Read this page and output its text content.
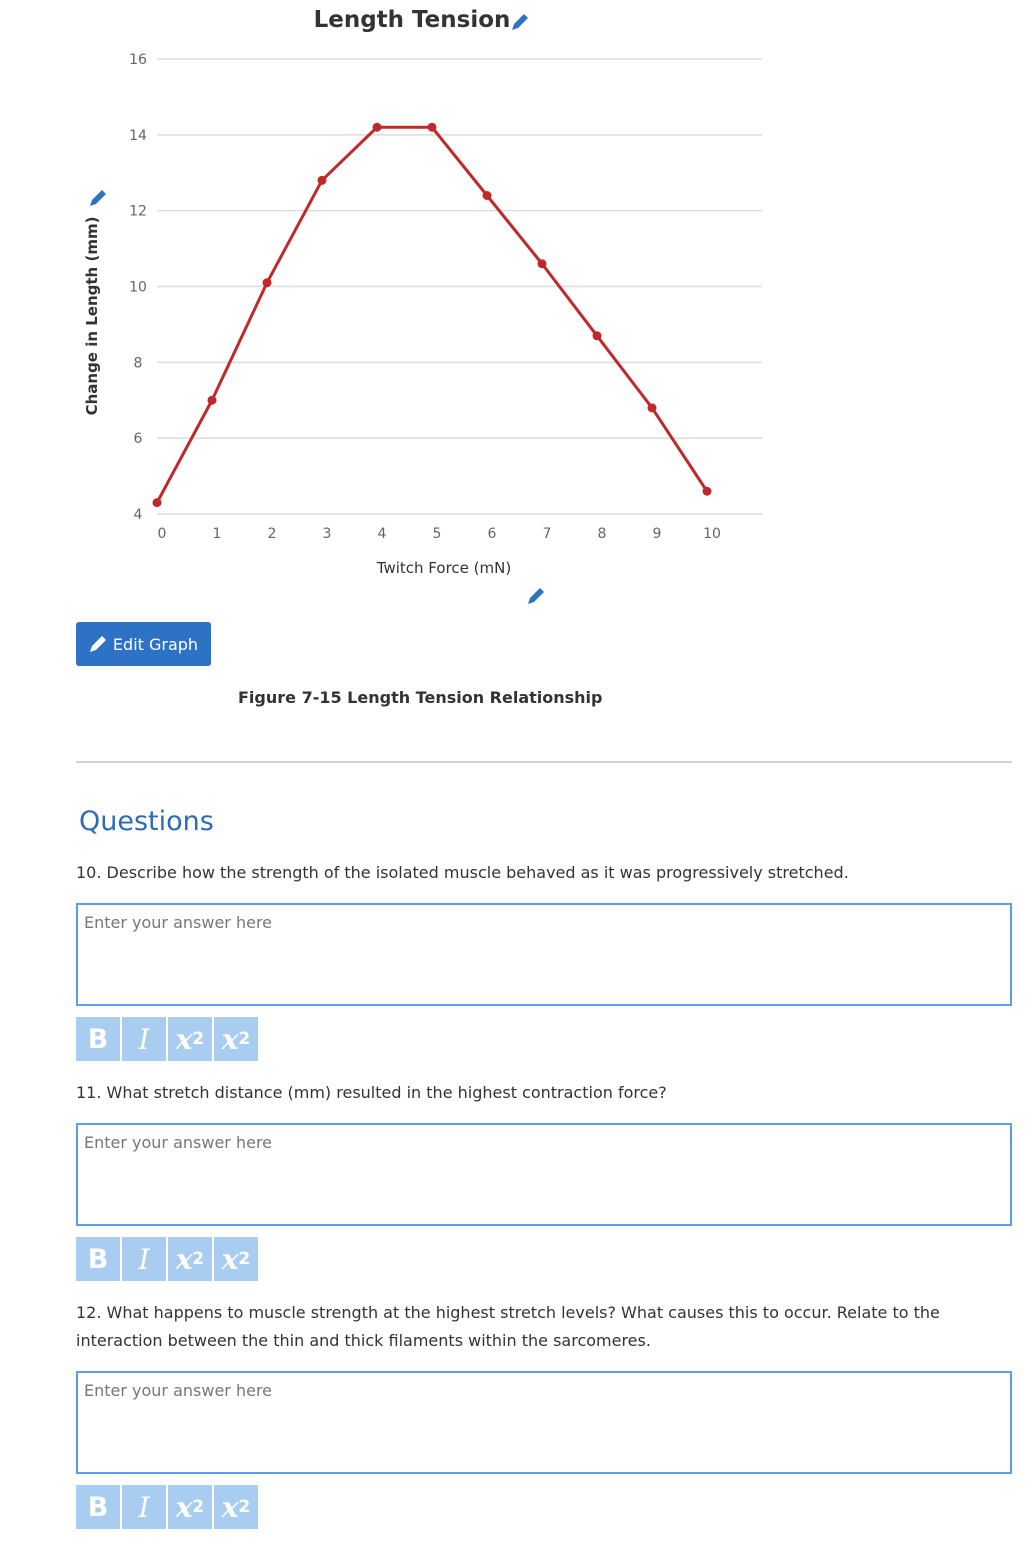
Length Tension
4
6
8
10
12
14
16
0	1	2	3	4	5	6	7	8	9	10
Change in Length (mm)
Twitch Force (mN)
Edit Graph
Figure 7-15 Length Tension Relationship
Questions
10. Describe how the strength of the isolated muscle behaved as it was progressively stretched.
Enter your answer here
B	I x 2 x 2
11. What stretch distance (mm) resulted in the highest contraction force?
Enter your answer here
B	I x 2 x 2
12. What happens to muscle strength at the highest stretch levels? What causes this to occur. Relate to the interaction between the thin and thick filaments within the sarcomeres.
Enter your answer here
B	I x 2 x 2
